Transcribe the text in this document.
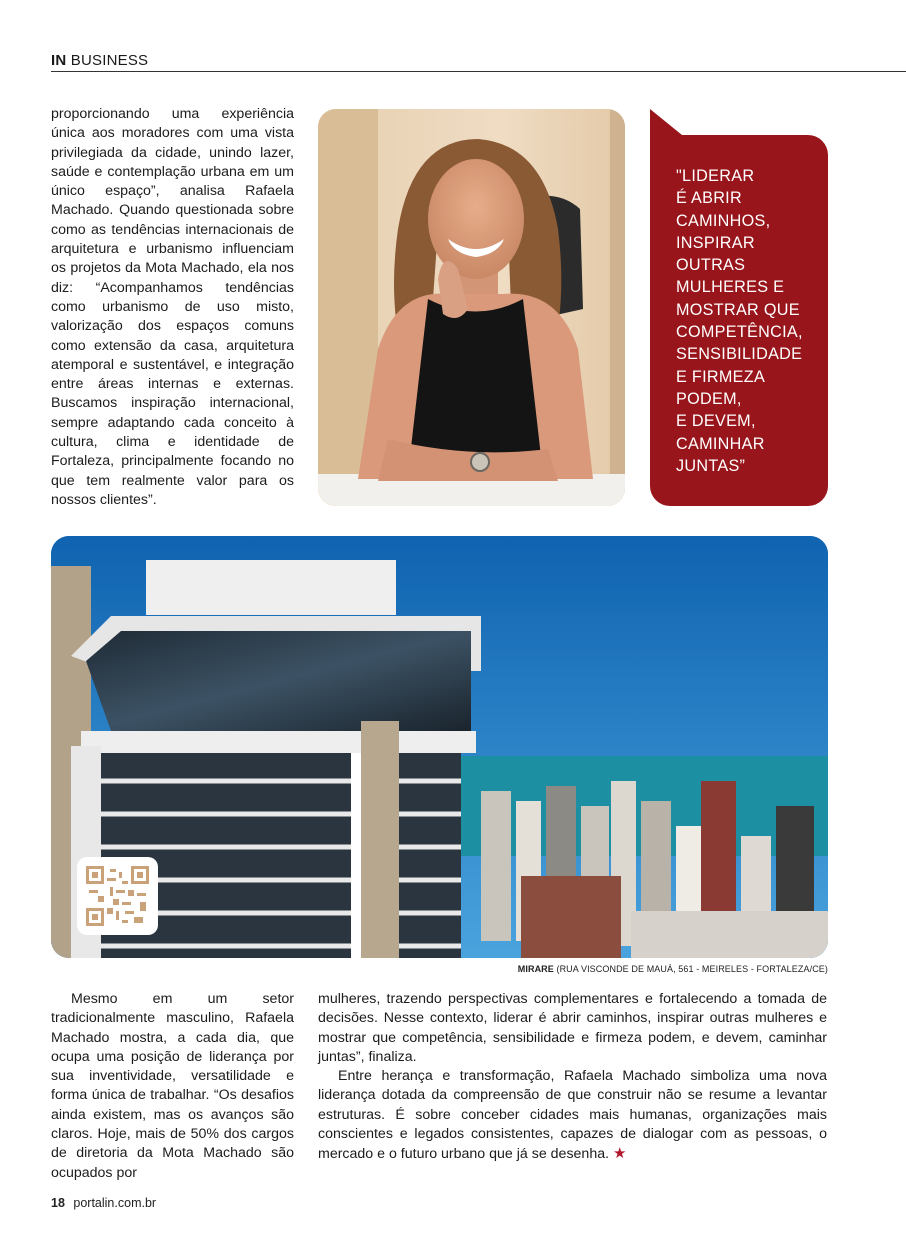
IN BUSINESS

proporcionando uma experiência única aos moradores com uma vista privilegiada da cidade, unindo lazer, saúde e contemplação urbana em um único espaço”, analisa Rafaela Machado. Quando questionada sobre como as tendências internacionais de arquitetura e urbanismo influenciam os projetos da Mota Machado, ela nos diz: “Acompanhamos tendências como urbanismo de uso misto, valorização dos espaços comuns como extensão da casa, arquitetura atemporal e sustentável, e integração entre áreas internas e externas. Buscamos inspiração internacional, sempre adaptando cada conceito à cultura, clima e identidade de Fortaleza, principalmente focando no que tem realmente valor para os nossos clientes”.

"LIDERAR
É ABRIR
CAMINHOS,
INSPIRAR
OUTRAS
MULHERES E
MOSTRAR QUE
COMPETÊNCIA,
SENSIBILIDADE
E FIRMEZA
PODEM,
E DEVEM,
CAMINHAR
JUNTAS”
MIRARE (RUA VISCONDE DE MAUÁ, 561 - MEIRELES - FORTALEZA/CE)

Mesmo em um setor tradicionalmente masculino, Rafaela Machado mostra, a cada dia, que ocupa uma posição de liderança por sua inventividade, versatilidade e forma única de trabalhar. “Os desafios ainda existem, mas os avanços são claros. Hoje, mais de 50% dos cargos de diretoria da Mota Machado são ocupados por

mulheres, trazendo perspectivas complementares e fortalecendo a tomada de decisões. Nesse contexto, liderar é abrir caminhos, inspirar outras mulheres e mostrar que competência, sensibilidade e firmeza podem, e devem, caminhar juntas”, finaliza.

Entre herança e transformação, Rafaela Machado simboliza uma nova liderança dotada da compreensão de que construir não se resume a levantar estruturas. É sobre conceber cidades mais humanas, organizações mais conscientes e legados consistentes, capazes de dialogar com as pessoas, o mercado e o futuro urbano que já se desenha. ★

18 portalin.com.br
